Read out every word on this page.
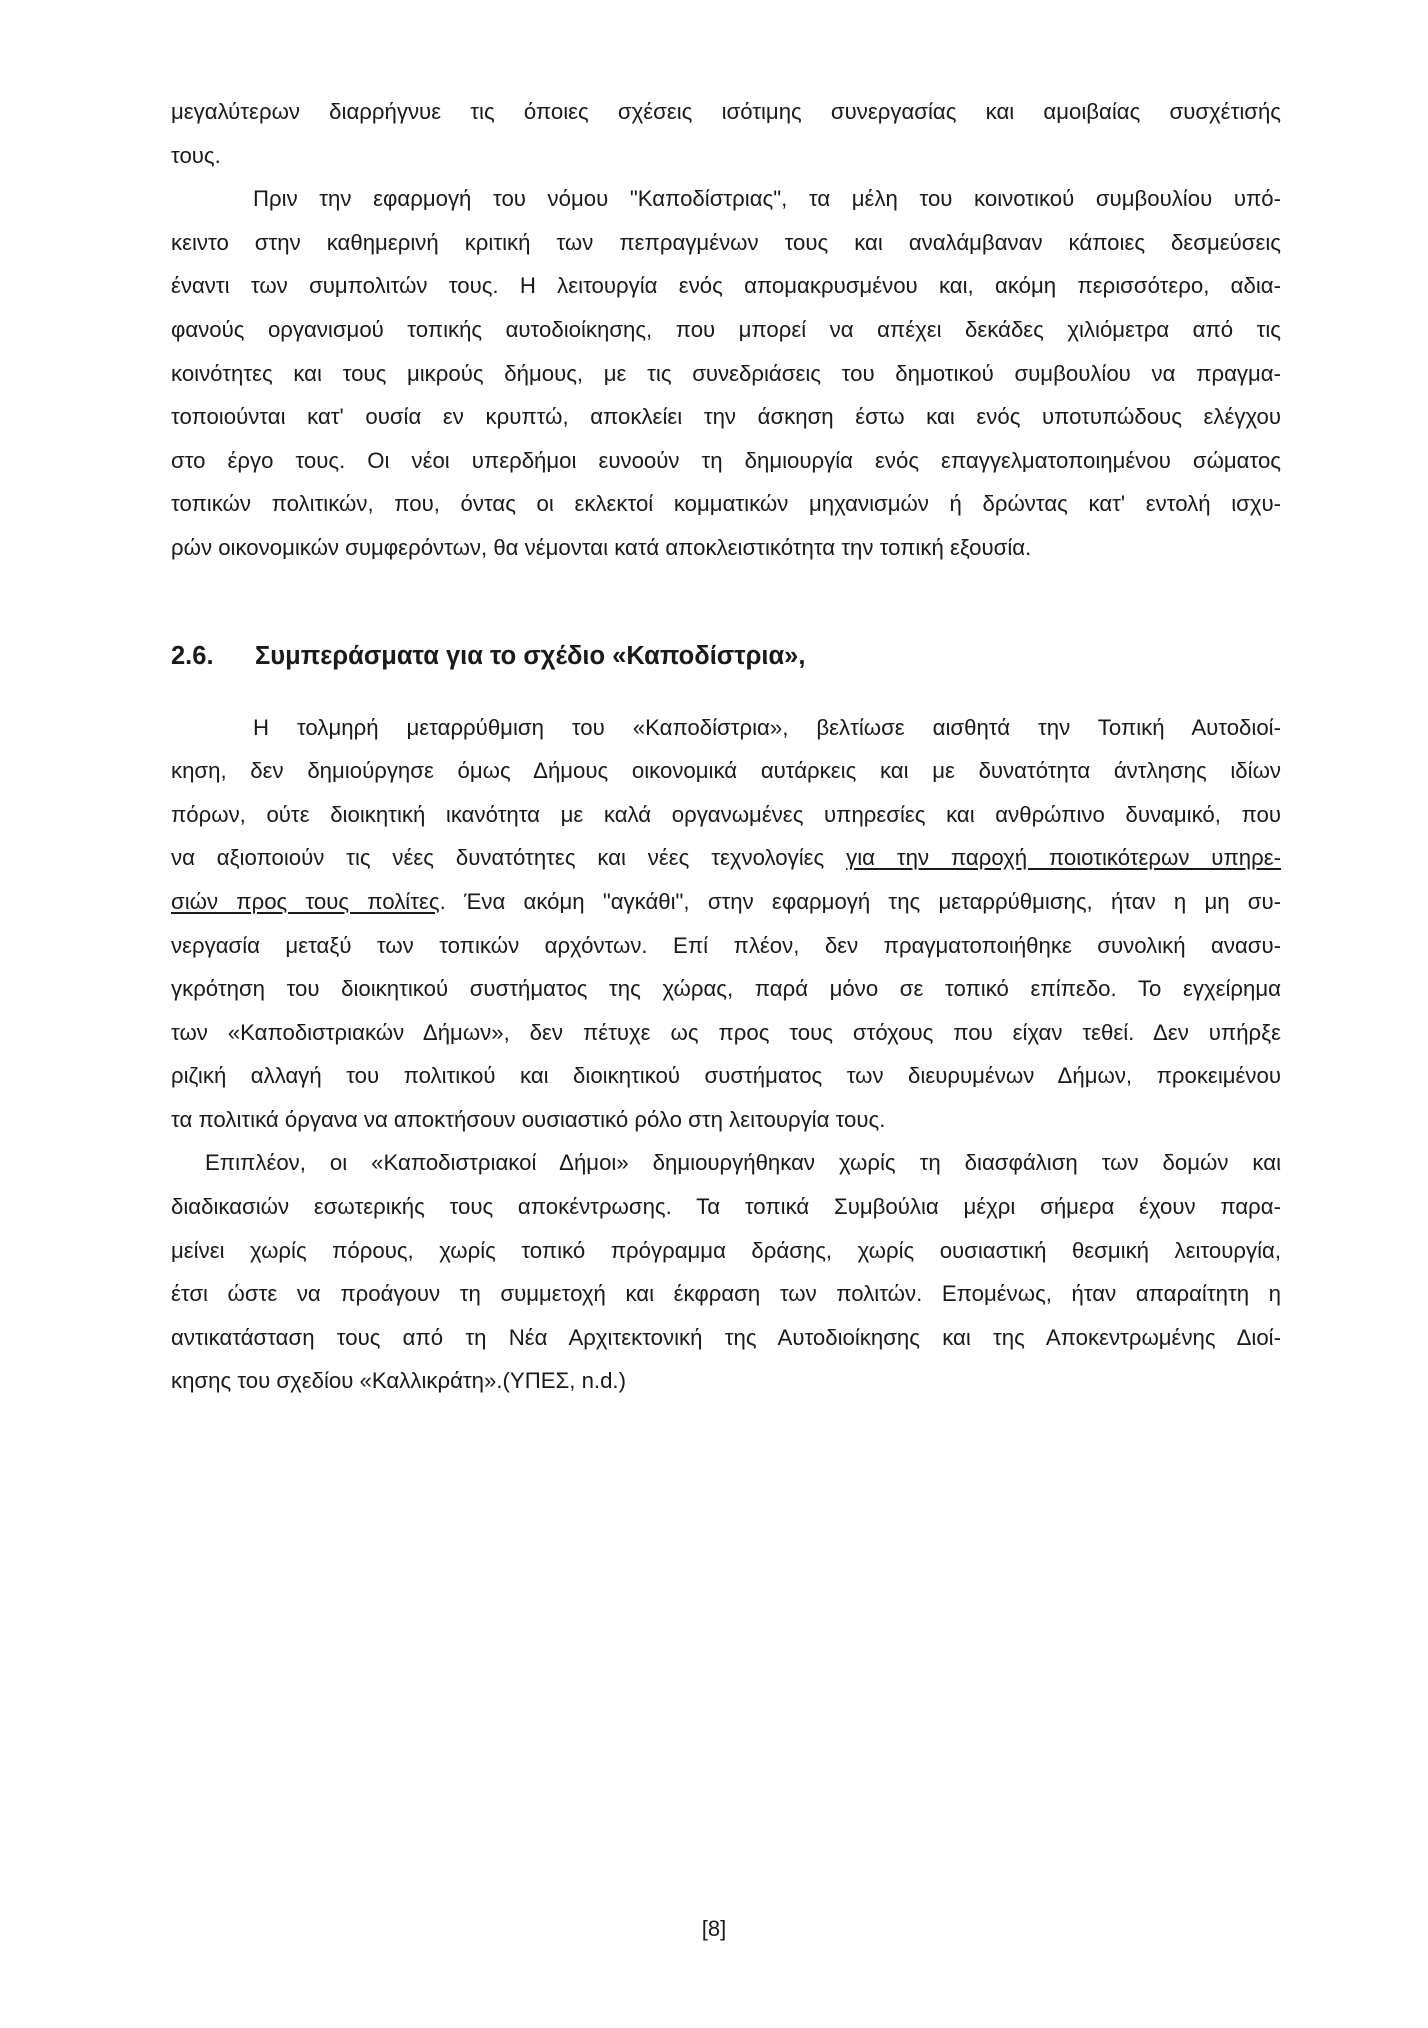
μεγαλύτερων διαρρήγνυε τις όποιες σχέσεις ισότιμης συνεργασίας και αμοιβαίας συσχέτισής
τους.
Πριν την εφαρμογή του νόμου "Καποδίστριας", τα μέλη του κοινοτικού συμβουλίου υπό-
κειντο στην καθημερινή κριτική των πεπραγμένων τους και αναλάμβαναν κάποιες δεσμεύσεις
έναντι των συμπολιτών τους. Η λειτουργία ενός απομακρυσμένου και, ακόμη περισσότερο, αδια-
φανούς οργανισμού τοπικής αυτοδιοίκησης, που μπορεί να απέχει δεκάδες χιλιόμετρα από τις
κοινότητες και τους μικρούς δήμους, με τις συνεδριάσεις του δημοτικού συμβουλίου να πραγμα-
τοποιούνται κατ' ουσία εν κρυπτώ, αποκλείει την άσκηση έστω και ενός υποτυπώδους ελέγχου
στο έργο τους. Οι νέοι υπερδήμοι ευνοούν τη δημιουργία ενός επαγγελματοποιημένου σώματος
τοπικών πολιτικών, που, όντας οι εκλεκτοί κομματικών μηχανισμών ή δρώντας κατ' εντολή ισχυ-
ρών οικονομικών συμφερόντων, θα νέμονται κατά αποκλειστικότητα την τοπική εξουσία.
2.6. Συμπεράσματα για το σχέδιο «Καποδίστρια»,
Η τολμηρή μεταρρύθμιση του «Καποδίστρια», βελτίωσε αισθητά την Τοπική Αυτοδιοί-
κηση, δεν δημιούργησε όμως Δήμους οικονομικά αυτάρκεις και με δυνατότητα άντλησης ιδίων
πόρων, ούτε διοικητική ικανότητα με καλά οργανωμένες υπηρεσίες και ανθρώπινο δυναμικό, που
να αξιοποιούν τις νέες δυνατότητες και νέες τεχνολογίες για την παροχή ποιοτικότερων υπηρε-
σιών προς τους πολίτες. Ένα ακόμη "αγκάθι", στην εφαρμογή της μεταρρύθμισης, ήταν η μη συ-
νεργασία μεταξύ των τοπικών αρχόντων. Επί πλέον, δεν πραγματοποιήθηκε συνολική ανασυ-
γκρότηση του διοικητικού συστήματος της χώρας, παρά μόνο σε τοπικό επίπεδο. Το εγχείρημα
των «Καποδιστριακών Δήμων», δεν πέτυχε ως προς τους στόχους που είχαν τεθεί. Δεν υπήρξε
ριζική αλλαγή του πολιτικού και διοικητικού συστήματος των διευρυμένων Δήμων, προκειμένου
τα πολιτικά όργανα να αποκτήσουν ουσιαστικό ρόλο στη λειτουργία τους.
Επιπλέον, οι «Καποδιστριακοί Δήμοι» δημιουργήθηκαν χωρίς τη διασφάλιση των δομών και
διαδικασιών εσωτερικής τους αποκέντρωσης. Τα τοπικά Συμβούλια μέχρι σήμερα έχουν παρα-
μείνει χωρίς πόρους, χωρίς τοπικό πρόγραμμα δράσης, χωρίς ουσιαστική θεσμική λειτουργία,
έτσι ώστε να προάγουν τη συμμετοχή και έκφραση των πολιτών. Επομένως, ήταν απαραίτητη η
αντικατάσταση τους από τη Νέα Αρχιτεκτονική της Αυτοδιοίκησης και της Αποκεντρωμένης Διοί-
κησης του σχεδίου «Καλλικράτη».(ΥΠΕΣ, n.d.)
[8]
